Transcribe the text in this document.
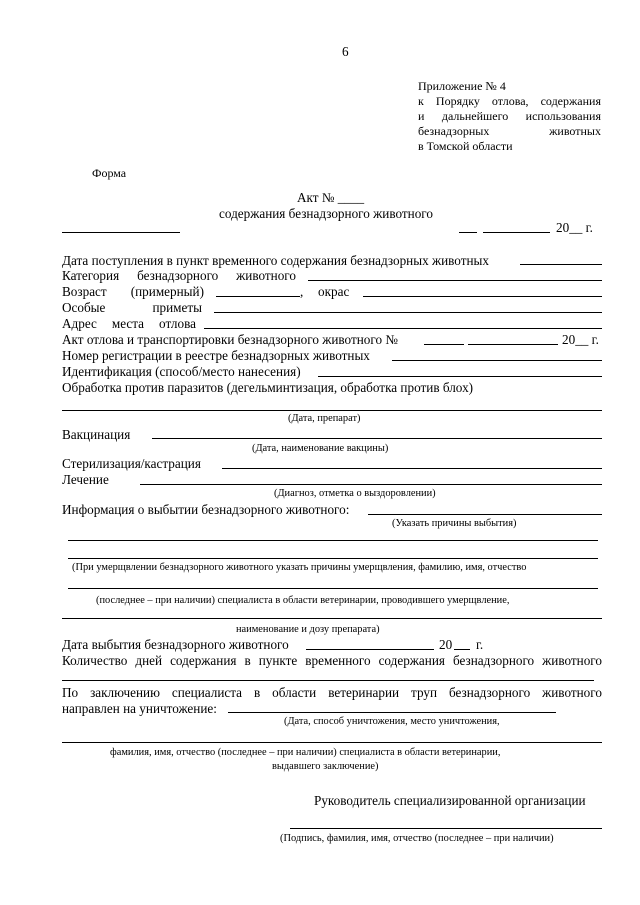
6
Приложение № 4
к Порядку отлова, содержания
и дальнейшего использования
безнадзорных	животных
в Томской области
Форма
Акт № ____
содержания безнадзорного животного
20__ г.
Дата поступления в пункт временного содержания безнадзорных животных
Категория безнадзорного животного
Возраст (примерный)	, окрас
Особые	приметы
Адрес места отлова
Акт отлова и транспортировки безнадзорного животного №	20__ г.
Номер регистрации в реестре безнадзорных животных
Идентификация (способ/место нанесения)
Обработка против паразитов (дегельминтизация, обработка против блох)
(Дата, препарат)
Вакцинация
(Дата, наименование вакцины)
Стерилизация/кастрация
Лечение
(Диагноз, отметка о выздоровлении)
Информация о выбытии безнадзорного животного:
(Указать причины выбытия)
(При умерщвлении безнадзорного животного указать причины умерщвления, фамилию, имя, отчество
(последнее – при наличии) специалиста в области ветеринарии, проводившего умерщвление,
наименование и дозу препарата)
Дата выбытия безнадзорного животного	20 г.
Количество дней содержания в пункте временного содержания безнадзорного животного
По заключению специалиста в области ветеринарии труп безнадзорного животного
направлен на уничтожение:
(Дата, способ уничтожения, место уничтожения,
фамилия, имя, отчество (последнее – при наличии) специалиста в области ветеринарии,
выдавшего заключение)
Руководитель специализированной организации
(Подпись, фамилия, имя, отчество (последнее – при наличии)
